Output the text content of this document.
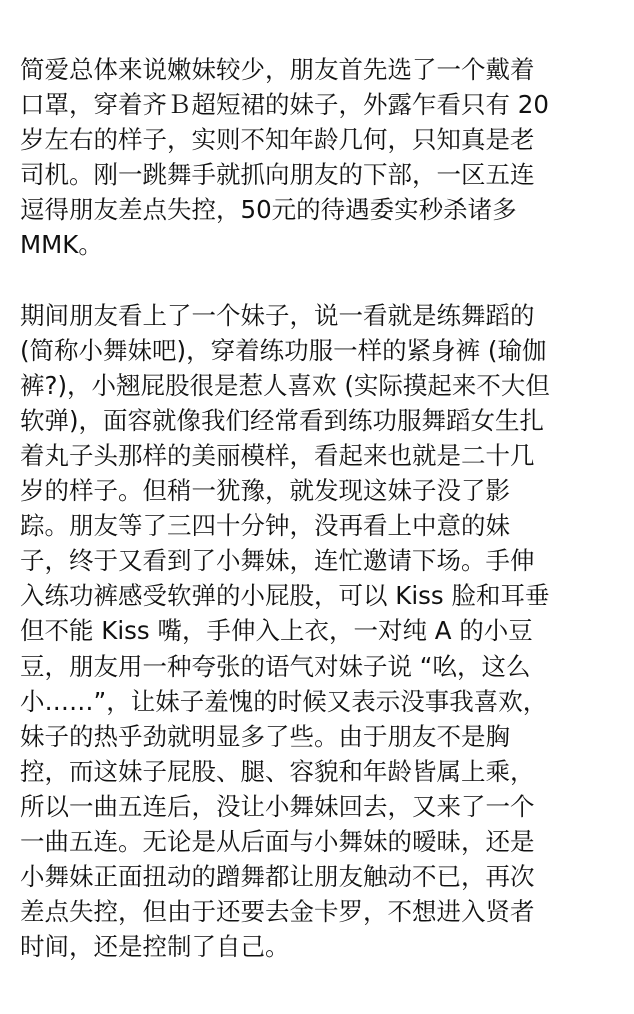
简爱总体来说嫩妹较少，朋友首先选了一个戴着
口罩，穿着齐Ｂ超短裙的妹子，外露乍看只有 20
岁左右的样子，实则不知年龄几何，只知真是老
司机。刚一跳舞手就抓向朋友的下部，一区五连
逗得朋友差点失控，50元的待遇委实秒杀诸多
MMK。
期间朋友看上了一个妹子，说一看就是练舞蹈的
(简称小舞妹吧)，穿着练功服一样的紧身裤 (瑜伽
裤?)，小翘屁股很是惹人喜欢 (实际摸起来不大但
软弹)，面容就像我们经常看到练功服舞蹈女生扎
着丸子头那样的美丽模样，看起来也就是二十几
岁的样子。但稍一犹豫，就发现这妹子没了影
踪。朋友等了三四十分钟，没再看上中意的妹
子，终于又看到了小舞妹，连忙邀请下场。手伸
入练功裤感受软弹的小屁股，可以 Kiss 脸和耳垂
但不能 Kiss 嘴，手伸入上衣，一对纯 A 的小豆
豆，朋友用一种夸张的语气对妹子说 “吆，这么
小……”，让妹子羞愧的时候又表示没事我喜欢，
妹子的热乎劲就明显多了些。由于朋友不是胸
控，而这妹子屁股、腿、容貌和年龄皆属上乘，
所以一曲五连后，没让小舞妹回去，又来了一个
一曲五连。无论是从后面与小舞妹的暧昧，还是
小舞妹正面扭动的蹭舞都让朋友触动不已，再次
差点失控，但由于还要去金卡罗，不想进入贤者
时间，还是控制了自己。
